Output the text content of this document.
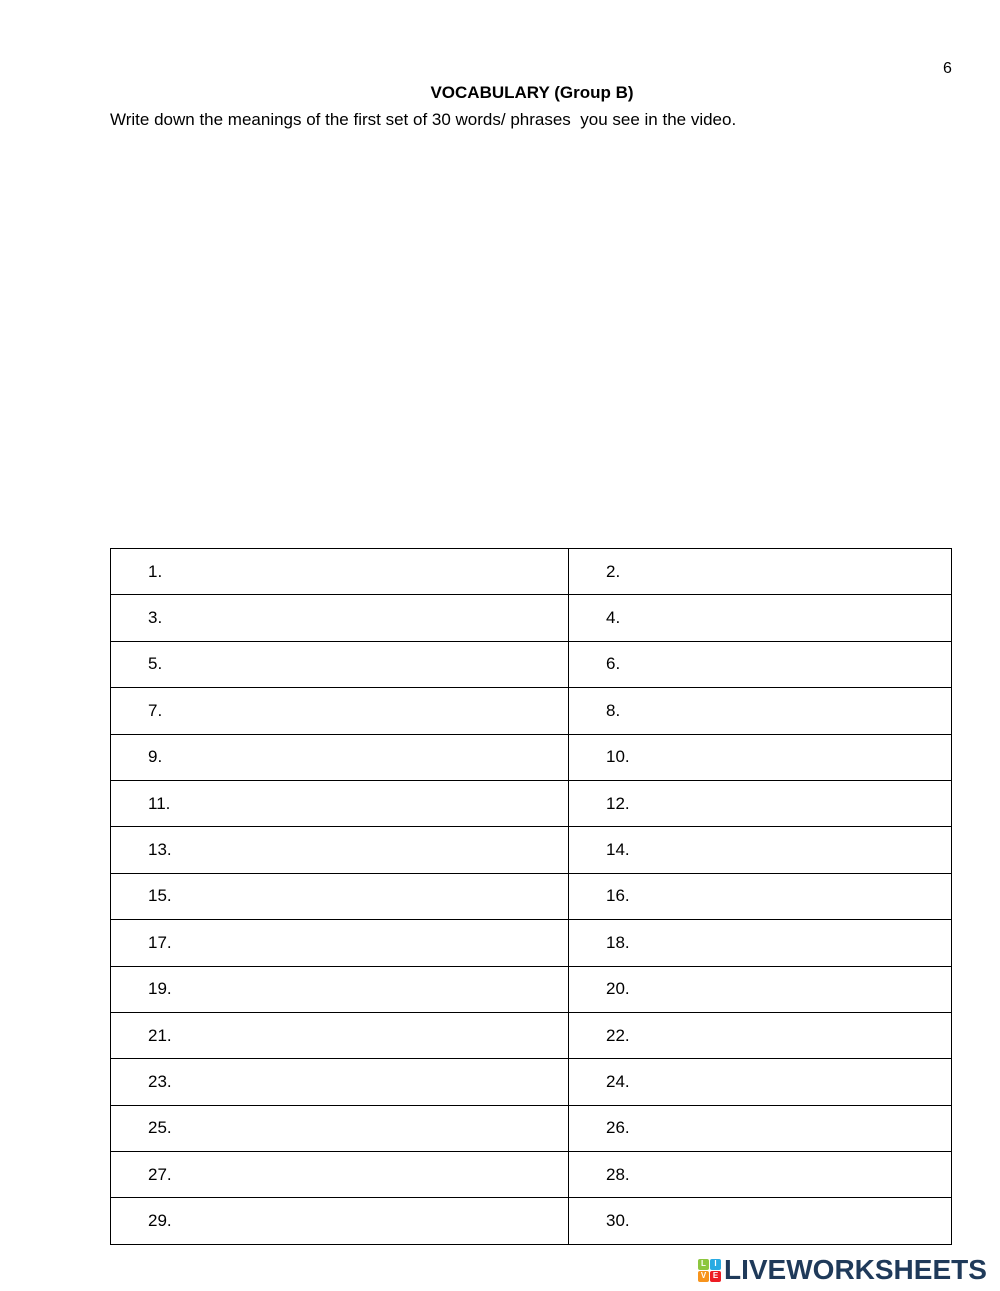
6
VOCABULARY (Group B)
Write down the meanings of the first set of 30 words/ phrases  you see in the video.
1.	2.
3.	4.
5.	6.
7.	8.
9.	10.
11.	12.
13.	14.
15.	16.
17.	18.
19.	20.
21.	22.
23.	24.
25.	26.
27.	28.
29.	30.
L	I
V E LIVEWORKSHEETS
